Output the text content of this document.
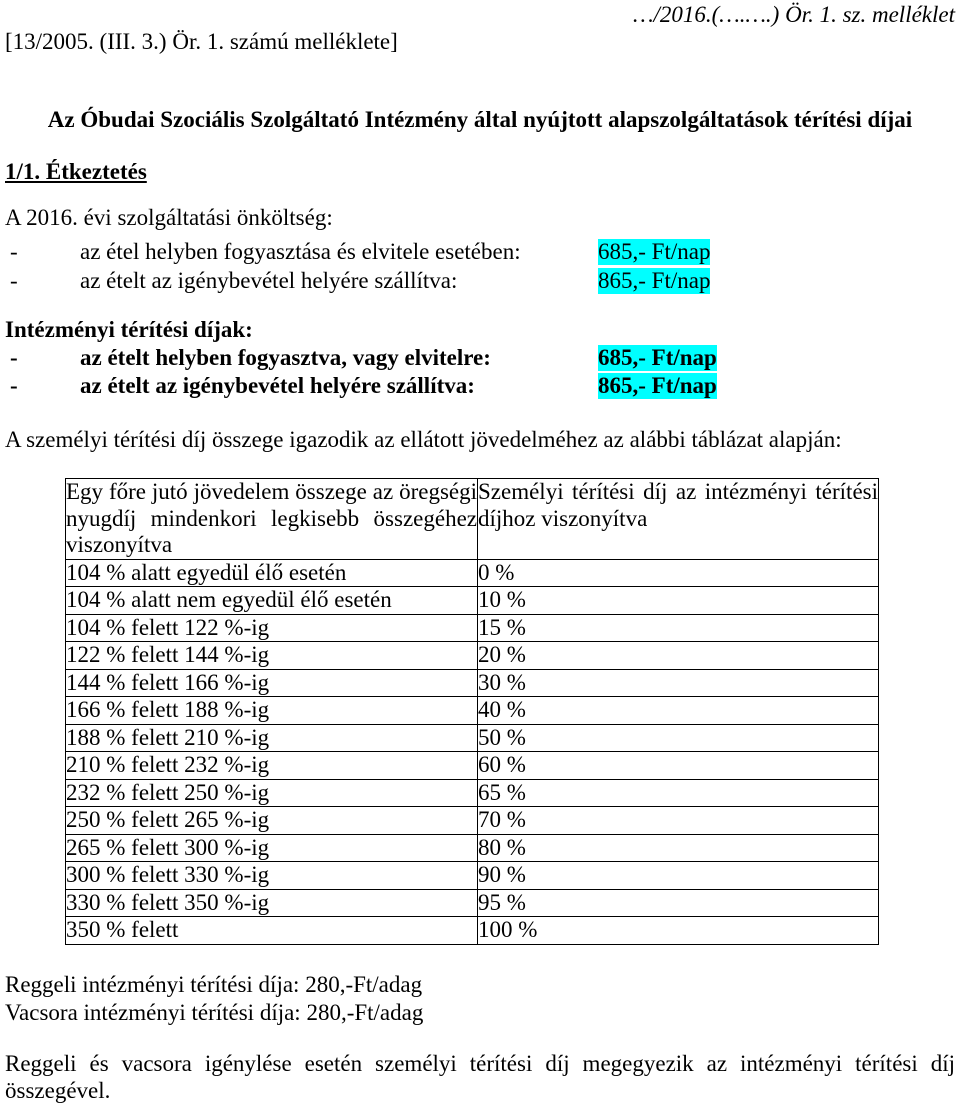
…/2016.(….….) Ör. 1. sz. melléklet
[13/2005. (III. 3.) Ör. 1. számú melléklete]
Az Óbudai Szociális Szolgáltató Intézmény által nyújtott alapszolgáltatások térítési díjai
1/1. Étkeztetés
A 2016. évi szolgáltatási önköltség:
-	az étel helyben fogyasztása és elvitele esetében:	685,- Ft/nap
-	az ételt az igénybevétel helyére szállítva:	865,- Ft/nap
Intézményi térítési díjak:
-	az ételt helyben fogyasztva, vagy elvitelre:	685,- Ft/nap
-	az ételt az igénybevétel helyére szállítva:	865,- Ft/nap
A személyi térítési díj összege igazodik az ellátott jövedelméhez az alábbi táblázat alapján:
Egy főre jutó jövedelem összege az öregségi nyugdíj mindenkori legkisebb összegéhez viszonyítva	Személyi térítési díj az intézményi térítési díjhoz viszonyítva
104 % alatt egyedül élő esetén	0 %
104 % alatt nem egyedül élő esetén	10 %
104 % felett 122 %-ig	15 %
122 % felett 144 %-ig	20 %
144 % felett 166 %-ig	30 %
166 % felett 188 %-ig	40 %
188 % felett 210 %-ig	50 %
210 % felett 232 %-ig	60 %
232 % felett 250 %-ig	65 %
250 % felett 265 %-ig	70 %
265 % felett 300 %-ig	80 %
300 % felett 330 %-ig	90 %
330 % felett 350 %-ig	95 %
350 % felett	100 %
Reggeli intézményi térítési díja: 280,-Ft/adag
Vacsora intézményi térítési díja: 280,-Ft/adag
Reggeli és vacsora igénylése esetén személyi térítési díj megegyezik az intézményi térítési díj összegével.
